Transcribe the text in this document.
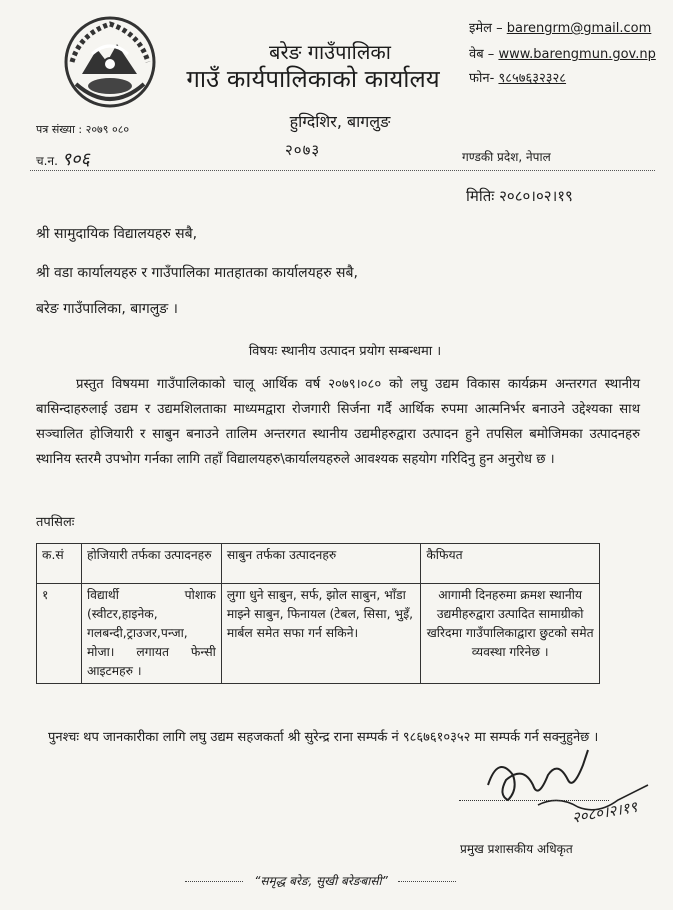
बरेङ गाउँपालिका
गाउँ कार्यपालिकाको कार्यालय
हुग्दिशिर, बागलुङ
२०७३
इमेल – barengrm@gmail.com
वेब – www.barengmun.gov.np
फोन- ९८५७६३२३२८
पत्र संख्या : २०७९ ०८०
च.न. ९०६	गण्डकी प्रदेश, नेपाल
मितिः २०८०।०२।१९
श्री सामुदायिक विद्यालयहरु सबै,
श्री वडा कार्यालयहरु र गाउँपालिका मातहातका कार्यालयहरु सबै,
बरेङ गाउँपालिका, बागलुङ ।
विषयः स्थानीय उत्पादन प्रयोग सम्बन्धमा ।
प्रस्तुत विषयमा गाउँपालिकाको चालू आर्थिक वर्ष २०७९।०८० को लघु उद्यम विकास कार्यक्रम अन्तरगत स्थानीय बासिन्दाहरुलाई उद्यम र उद्यमशिलताका माध्यमद्वारा रोजगारी सिर्जना गर्दै आर्थिक रुपमा आत्मनिर्भर बनाउने उद्देश्यका साथ सञ्चालित होजियारी र साबुन बनाउने तालिम अन्तरगत स्थानीय उद्यमीहरुद्वारा उत्पादन हुने तपसिल बमोजिमका उत्पादनहरु स्थानिय स्तरमै उपभोग गर्नका लागि तहाँ विद्यालयहरु\कार्यालयहरुले आवश्यक सहयोग गरिदिनु हुन अनुरोध छ ।
तपसिलः
क.सं	होजियारी तर्फका उत्पादनहरु	साबुन तर्फका उत्पादनहरु	कैफियत
१	विद्यार्थी पोशाक (स्वीटर,हाइनेक, गलबन्दी,ट्राउजर,पन्जा, मोजा। लगायत फेन्सी आइटमहरु ।	लुगा धुने साबुन, सर्फ, झोल साबुन, भाँडा माझ्ने साबुन, फिनायल (टेबल, सिसा, भुइँ, मार्बल समेत सफा गर्न सकिने।	आगामी दिनहरुमा क्रमश स्थानीय उद्यमीहरुद्वारा उत्पादित सामाग्रीको खरिदमा गाउँपालिकाद्वारा छुटको समेत व्यवस्था गरिनेछ ।
पुनश्चः थप जानकारीका लागि लघु उद्यम सहजकर्ता श्री सुरेन्द्र राना सम्पर्क नं ९८६७६१०३५२ मा सम्पर्क गर्न सक्नुहुनेछ ।
२०८०।२।१९
प्रमुख प्रशासकीय अधिकृत
“समृद्ध बरेङ, सुखी बरेङबासी”
